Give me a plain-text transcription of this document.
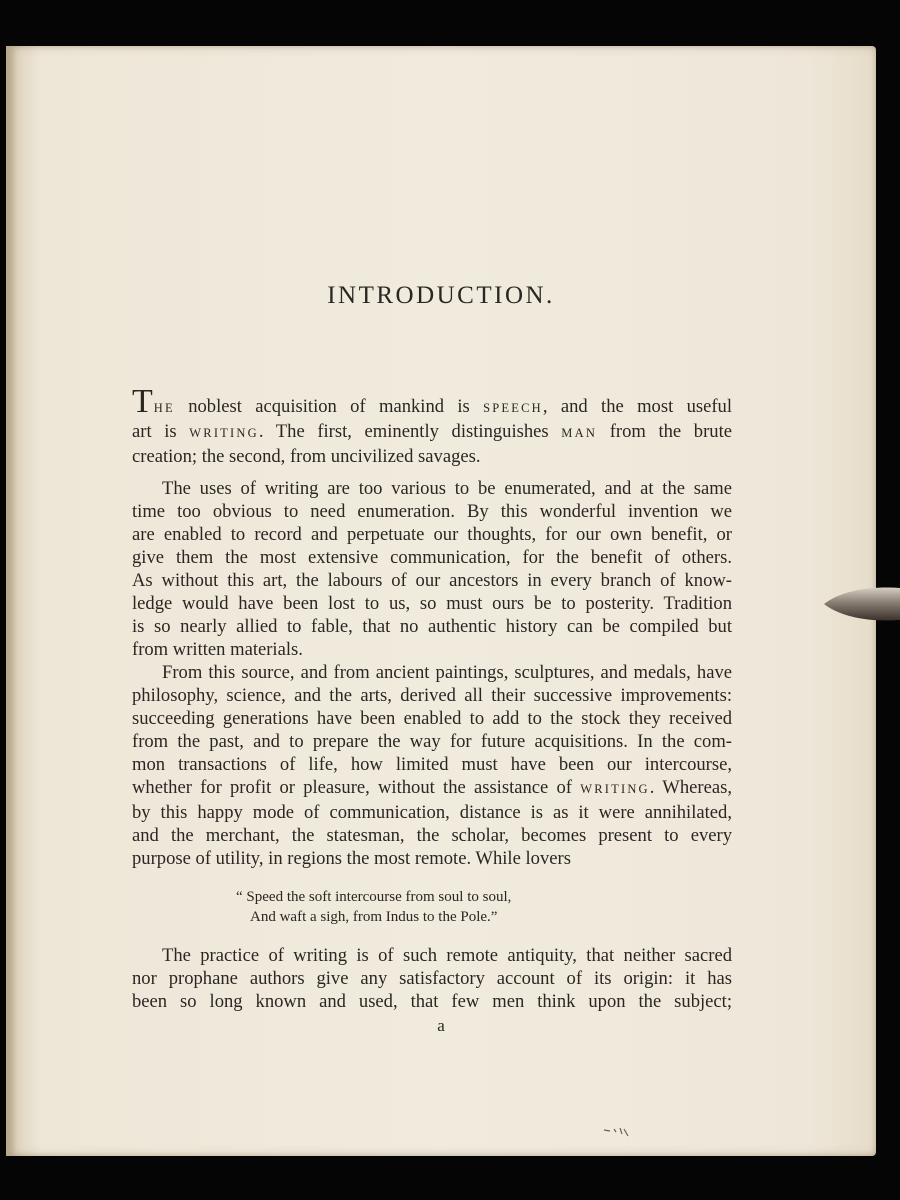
INTRODUCTION.
THE noblest acquisition of mankind is SPEECH, and the most useful
art is WRITING. The first, eminently distinguishes MAN from the brute
creation; the second, from uncivilized savages.
The uses of writing are too various to be enumerated, and at the same
time too obvious to need enumeration. By this wonderful invention we
are enabled to record and perpetuate our thoughts, for our own benefit, or
give them the most extensive communication, for the benefit of others.
As without this art, the labours of our ancestors in every branch of know-
ledge would have been lost to us, so must ours be to posterity. Tradition
is so nearly allied to fable, that no authentic history can be compiled but
from written materials.
From this source, and from ancient paintings, sculptures, and medals, have
philosophy, science, and the arts, derived all their successive improvements:
succeeding generations have been enabled to add to the stock they received
from the past, and to prepare the way for future acquisitions. In the com-
mon transactions of life, how limited must have been our intercourse,
whether for profit or pleasure, without the assistance of WRITING. Whereas,
by this happy mode of communication, distance is as it were annihilated,
and the merchant, the statesman, the scholar, becomes present to every
purpose of utility, in regions the most remote. While lovers
“ Speed the soft intercourse from soul to soul,
And waft a sigh, from Indus to the Pole.”
The practice of writing is of such remote antiquity, that neither sacred
nor prophane authors give any satisfactory account of its origin: it has
been so long known and used, that few men think upon the subject;
a
